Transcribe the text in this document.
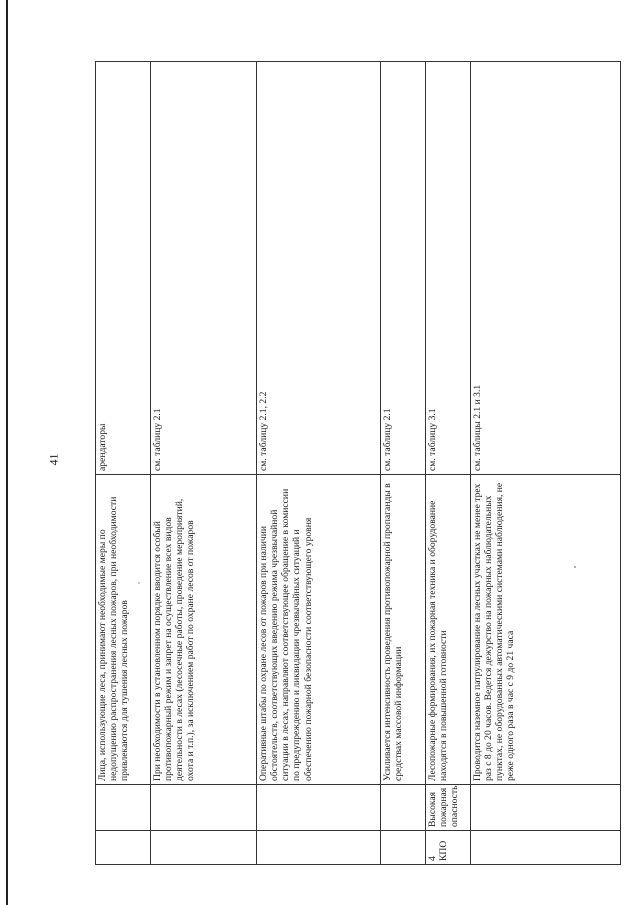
41
		Лица, использующие леса, принимают необходимые меры по недопущению распространения лесных пожаров, при необходимости привлекаются для тушения лесных пожаров	арендаторы
		При необходимости в установленном порядке вводится особый противопожарный режим и запрет на осуществление всех видов деятельности в лесах (лесосечные работы, проведение мероприятий, охота и т.п.), за исключением работ по охране лесов от пожаров	см. таблицу 2.1
		Оперативные штабы по охране лесов от пожаров при наличии обстоятельств, соответствующих введению режима чрезвычайной ситуации в лесах, направляют соответствующее обращение в комиссии по предупреждению и ликвидации чрезвычайных ситуаций и обеспечению пожарной безопасности соответствующего уровня	см. таблицу 2.1, 2.2
		Усиливается интенсивность проведения противопожарной пропаганды в средствах массовой информации	см. таблицу 2.1
4 КПО	Высокая пожарная опасность	Лесопожарные формирования, их пожарная техника и оборудование находятся в повышенной готовности	см. таблицу 3.1
		Проводится наземное патрулирование на лесных участках не менее трех раз с 8 до 20 часов. Ведется дежурство на пожарных наблюдательных пунктах, не оборудованных автоматическими системами наблюдения, не реже одного раза в час с 9 до 21 часа	см. таблицы 2.1 и 3.1
